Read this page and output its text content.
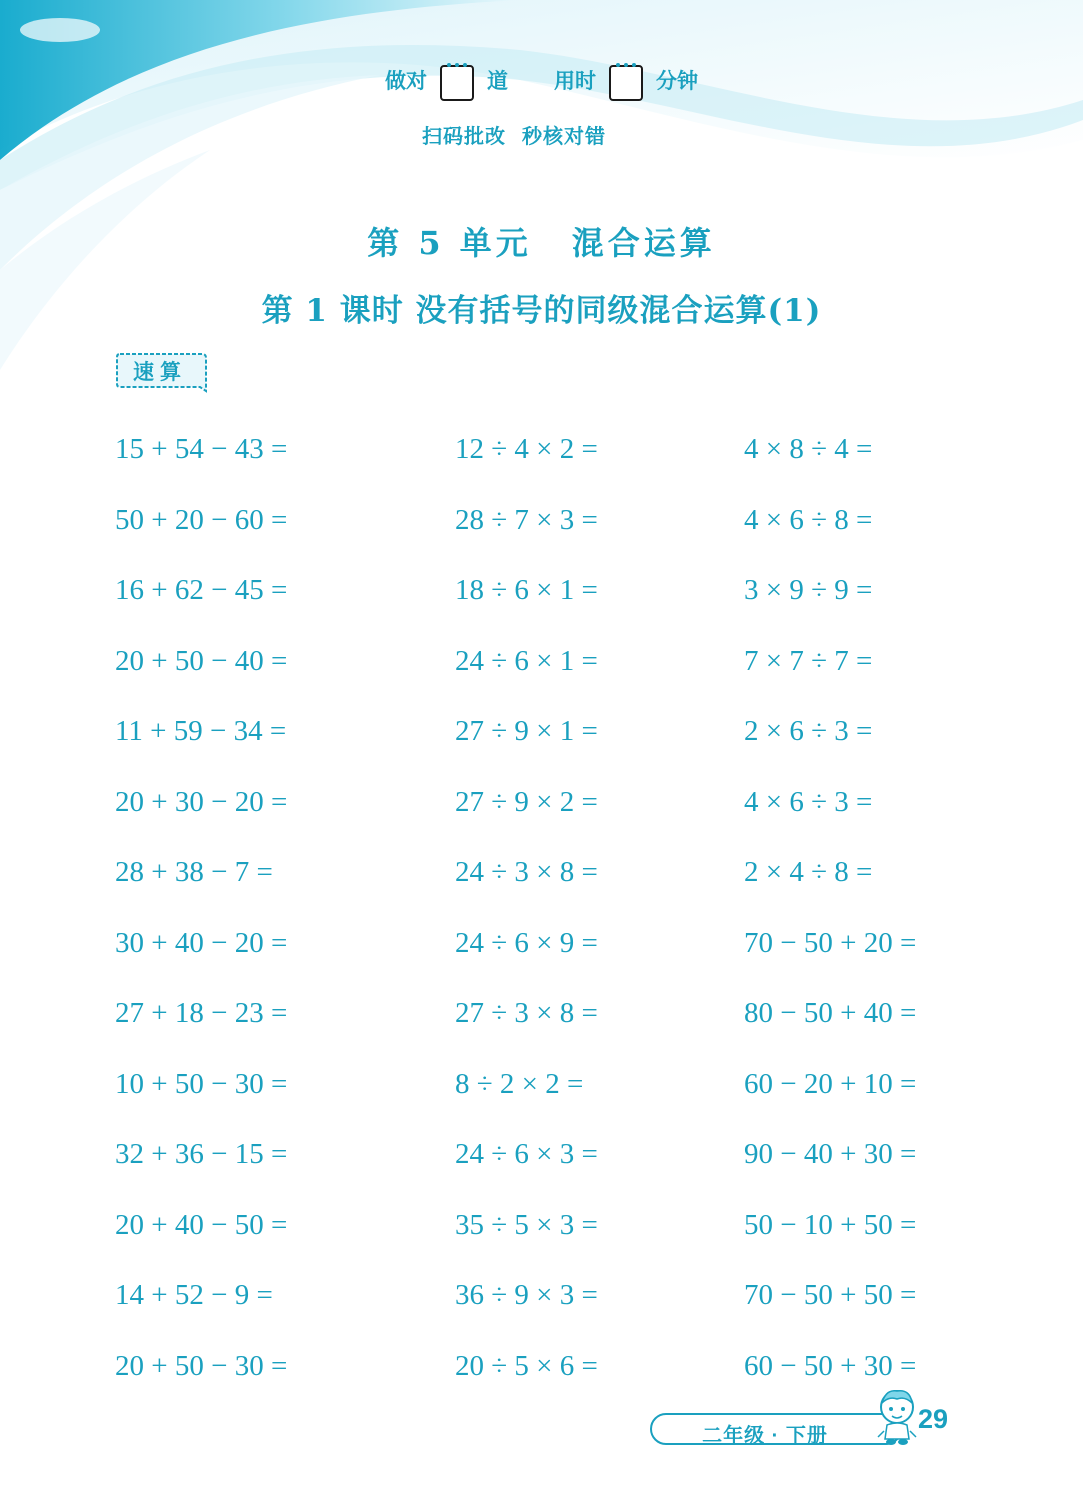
做对	道 用时	分钟
扫码批改 秒核对错
第 5 单元 混合运算
第 1 课时 没有括号的同级混合运算(1)
速算
15 + 54 − 43 =
50 + 20 − 60 =
16 + 62 − 45 =
20 + 50 − 40 =
11 + 59 − 34 =
20 + 30 − 20 =
28 + 38 − 7 =
30 + 40 − 20 =
27 + 18 − 23 =
10 + 50 − 30 =
32 + 36 − 15 =
20 + 40 − 50 =
14 + 52 − 9 =
20 + 50 − 30 =
12 ÷ 4 × 2 =
28 ÷ 7 × 3 =
18 ÷ 6 × 1 =
24 ÷ 6 × 1 =
27 ÷ 9 × 1 =
27 ÷ 9 × 2 =
24 ÷ 3 × 8 =
24 ÷ 6 × 9 =
27 ÷ 3 × 8 =
8 ÷ 2 × 2 =
24 ÷ 6 × 3 =
35 ÷ 5 × 3 =
36 ÷ 9 × 3 =
20 ÷ 5 × 6 =
4 × 8 ÷ 4 =
4 × 6 ÷ 8 =
3 × 9 ÷ 9 =
7 × 7 ÷ 7 =
2 × 6 ÷ 3 =
4 × 6 ÷ 3 =
2 × 4 ÷ 8 =
70 − 50 + 20 =
80 − 50 + 40 =
60 − 20 + 10 =
90 − 40 + 30 =
50 − 10 + 50 =
70 − 50 + 50 =
60 − 50 + 30 =
二年级 · 下册
29
